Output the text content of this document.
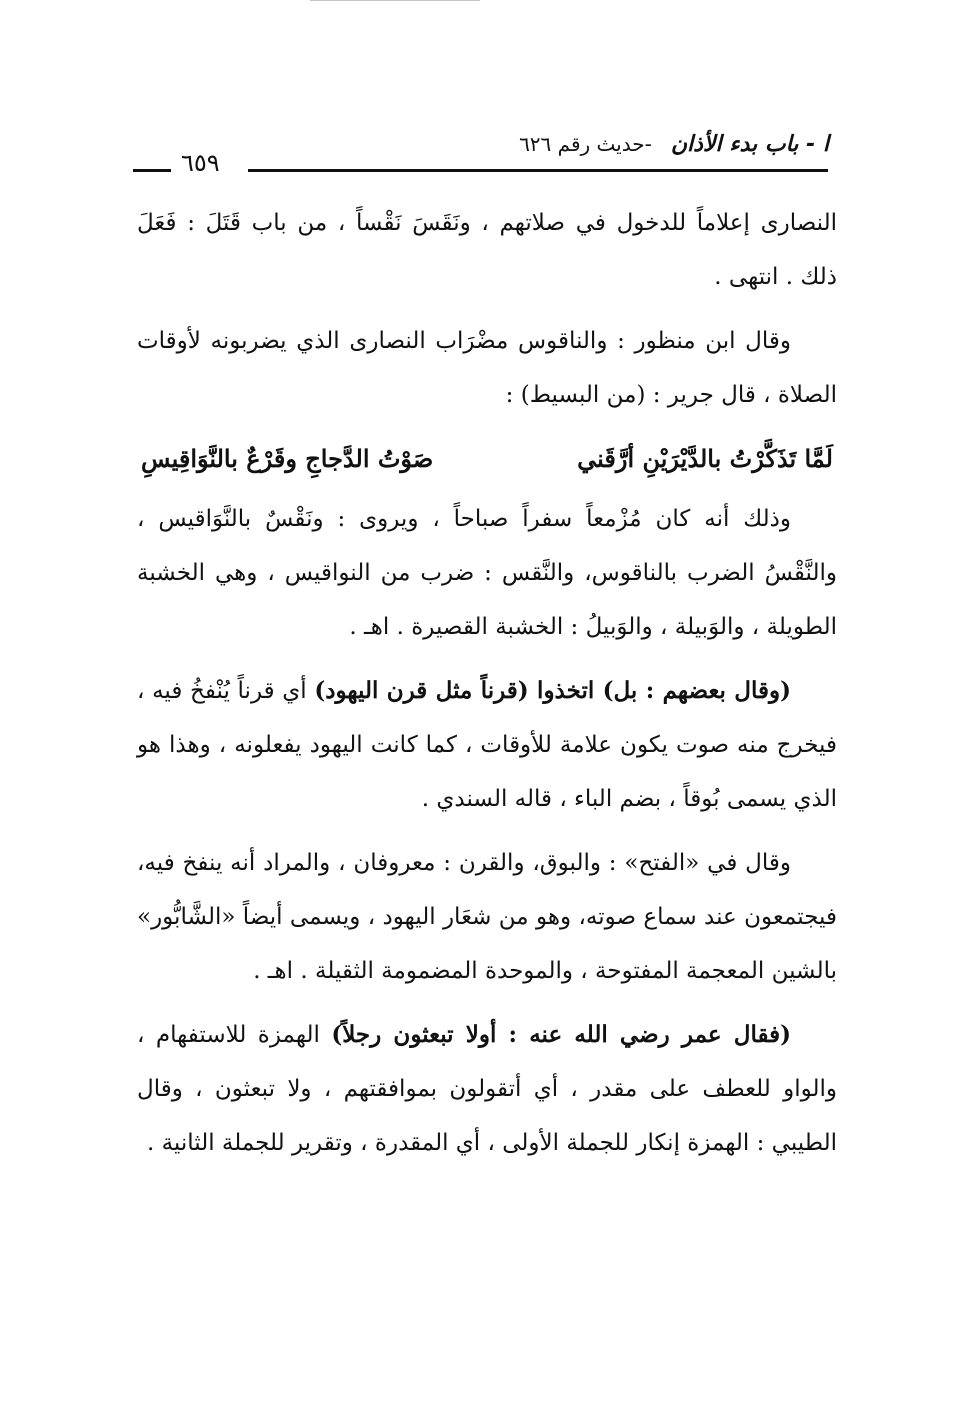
ا - باب بدء الأذان -حديث رقم ٦٢٦
٦٥٩

النصارى إعلاماً للدخول في صلاتهم ، ونَقَسَ نَقْساً ، من باب قَتَلَ : فَعَلَ ذلك . انتهى .

وقال ابن منظور : والناقوس مضْرَاب النصارى الذي يضربونه لأوقات الصلاة ، قال جرير : (من البسيط) :

لَمَّا تَذَكَّرْتُ بالدَّيْرَيْنِ أرَّقَني
صَوْتُ الدَّجاجِ وقَرْعٌ بالنَّوَاقِيسِ

وذلك أنه كان مُزْمعاً سفراً صباحاً ، ويروى : ونَقْسٌ بالنَّوَاقيس ، والنَّقْسُ الضرب بالناقوس، والنَّقس : ضرب من النواقيس ، وهي الخشبة الطويلة ، والوَبيلة ، والوَبيلُ : الخشبة القصيرة . اهـ .

(وقال بعضهم : بل) اتخذوا (قرناً مثل قرن اليهود) أي قرناً يُنْفخُ فيه ، فيخرج منه صوت يكون علامة للأوقات ، كما كانت اليهود يفعلونه ، وهذا هو الذي يسمى بُوقاً ، بضم الباء ، قاله السندي .

وقال في «الفتح» : والبوق، والقرن : معروفان ، والمراد أنه ينفخ فيه، فيجتمعون عند سماع صوته، وهو من شعَار اليهود ، ويسمى أيضاً «الشَّابُّور» بالشين المعجمة المفتوحة ، والموحدة المضمومة الثقيلة . اهـ .

(فقال عمر رضي الله عنه : أولا تبعثون رجلاً) الهمزة للاستفهام ، والواو للعطف على مقدر ، أي أتقولون بموافقتهم ، ولا تبعثون ، وقال الطيبي : الهمزة إنكار للجملة الأولى ، أي المقدرة ، وتقرير للجملة الثانية .
